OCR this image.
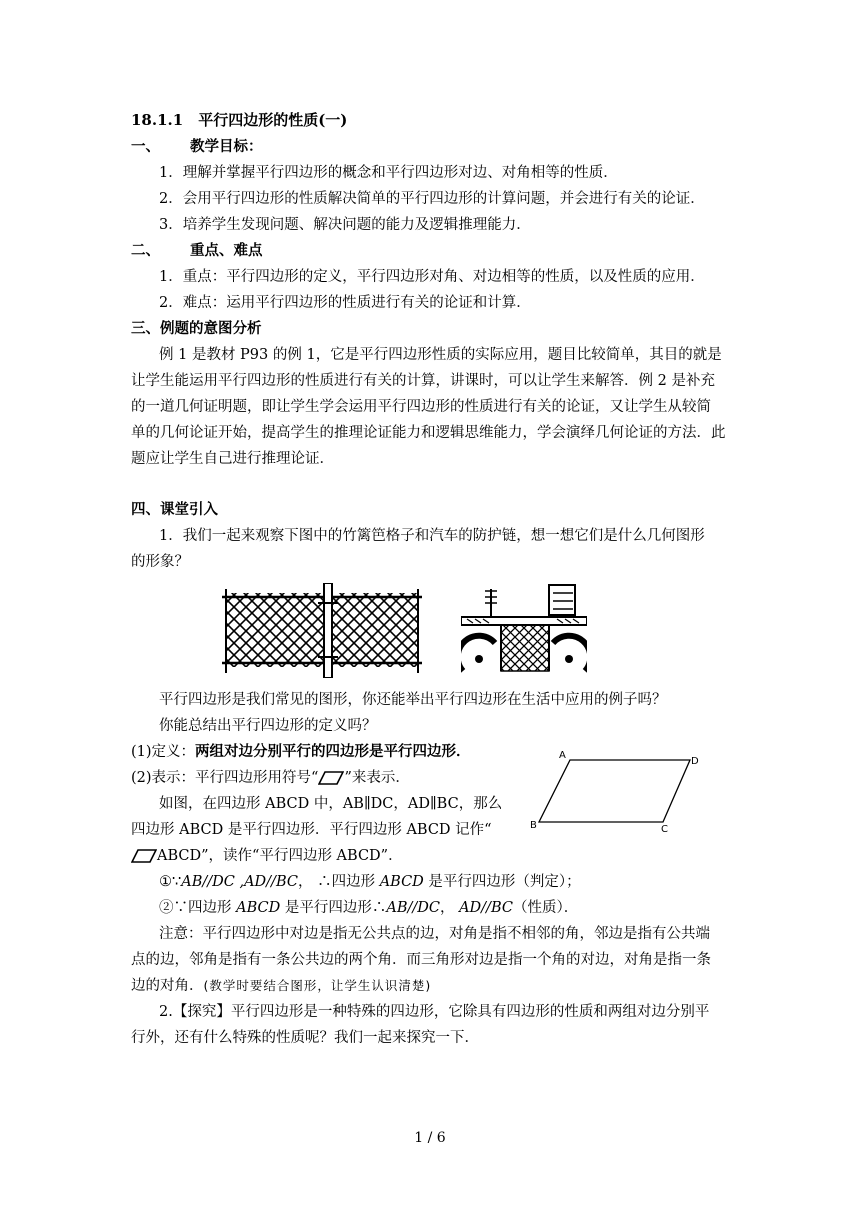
18.1.1　平行四边形的性质(一)
一、 教学目标：
1．理解并掌握平行四边形的概念和平行四边形对边、对角相等的性质．
2．会用平行四边形的性质解决简单的平行四边形的计算问题，并会进行有关的论证．
3．培养学生发现问题、解决问题的能力及逻辑推理能力．
二、 重点、难点
1．重点：平行四边形的定义，平行四边形对角、对边相等的性质，以及性质的应用．
2．难点：运用平行四边形的性质进行有关的论证和计算．
三、例题的意图分析
例 1 是教材 P93 的例 1，它是平行四边形性质的实际应用，题目比较简单，其目的就是
让学生能运用平行四边形的性质进行有关的计算，讲课时，可以让学生来解答．例 2 是补充
的一道几何证明题，即让学生学会运用平行四边形的性质进行有关的论证，又让学生从较简
单的几何论证开始，提高学生的推理论证能力和逻辑思维能力，学会演绎几何论证的方法．此
题应让学生自己进行推理论证．
四、课堂引入
1．我们一起来观察下图中的竹篱笆格子和汽车的防护链，想一想它们是什么几何图形
的形象？
平行四边形是我们常见的图形，你还能举出平行四边形在生活中应用的例子吗？
你能总结出平行四边形的定义吗？
(1)定义：两组对边分别平行的四边形是平行四边形．
(2)表示：平行四边形用符号“ ”来表示．
A
D
B	C
如图，在四边形 ABCD 中，AB∥DC，AD∥BC，那么
四边形 ABCD 是平行四边形．平行四边形 ABCD 记作“
ABCD”，读作“平行四边形 ABCD”．
①∵AB//DC ,AD//BC， ∴四边形 ABCD 是平行四边形（判定）；
②∵四边形 ABCD 是平行四边形∴AB//DC， AD//BC（性质）．
注意：平行四边形中对边是指无公共点的边，对角是指不相邻的角，邻边是指有公共端
点的边，邻角是指有一条公共边的两个角．而三角形对边是指一个角的对边，对角是指一条
边的对角．(教学时要结合图形，让学生认识清楚)
2.【探究】平行四边形是一种特殊的四边形，它除具有四边形的性质和两组对边分别平
行外，还有什么特殊的性质呢？我们一起来探究一下．
1 / 6
